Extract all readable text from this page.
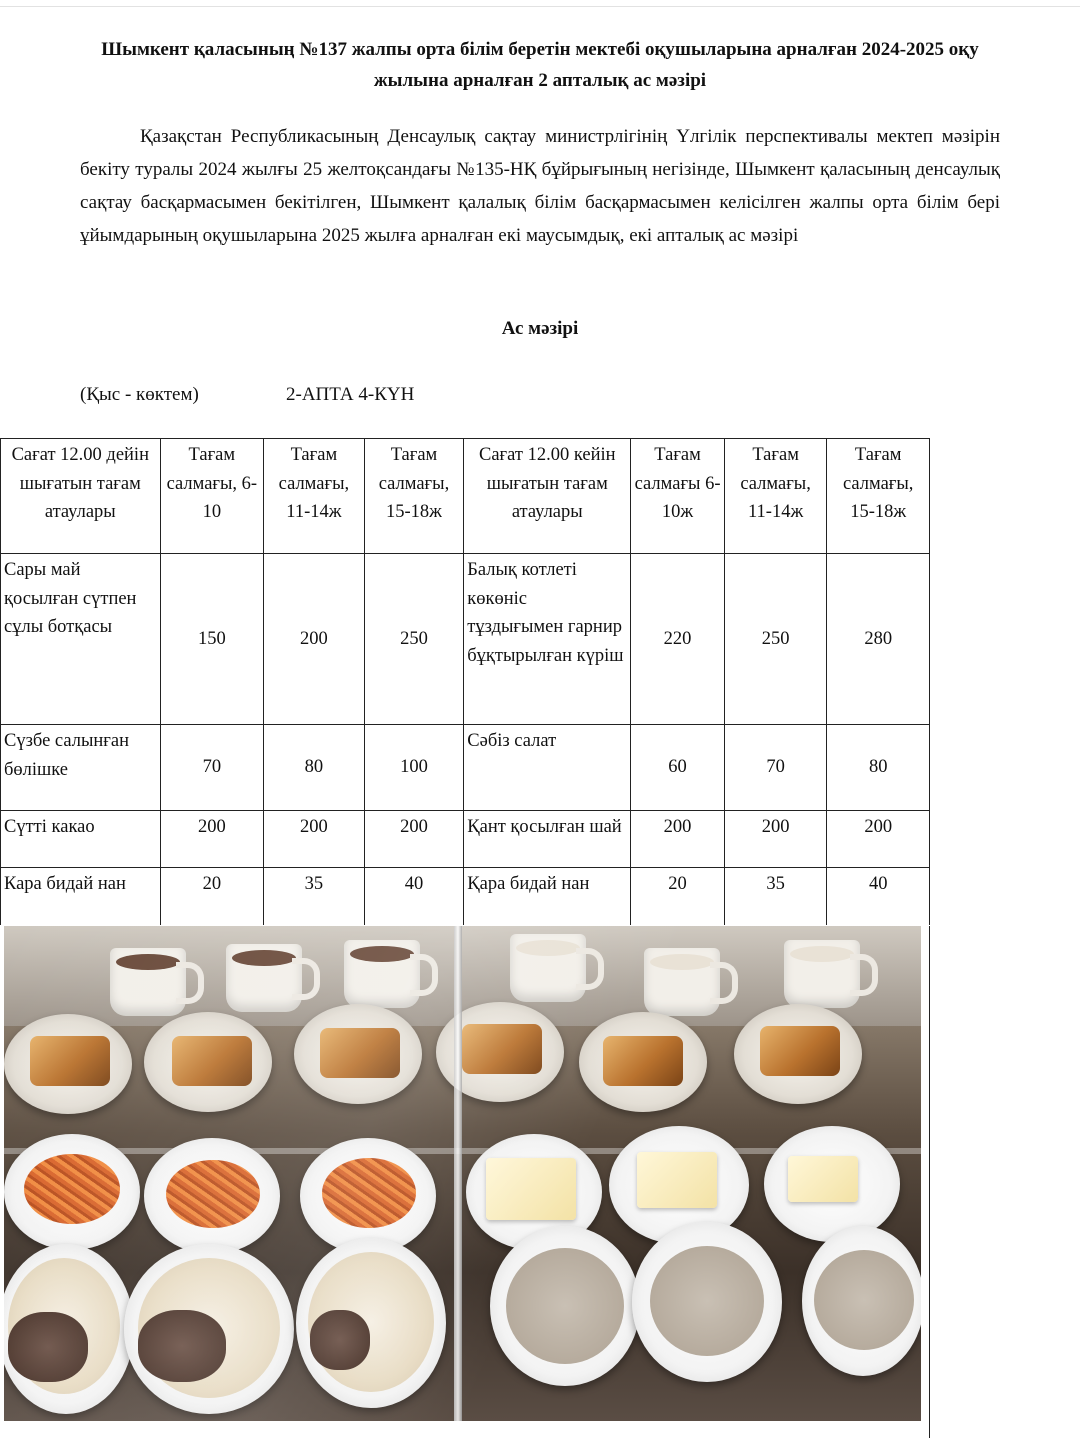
Шымкент қаласының №137 жалпы орта білім беретін мектебі оқушыларына арналған 2024-2025 оқу жылына арналған 2 апталық ас мәзірі
Қазақстан Республикасының Денсаулық сақтау министрлігінің Үлгілік перспективалы мектеп мәзірін бекіту туралы 2024 жылғы 25 желтоқсандағы №135-НҚ бұйрығының негізінде, Шымкент қаласының денсаулық сақтау басқармасымен бекітілген, Шымкент қалалық білім басқармасымен келісілген жалпы орта білім бері ұйымдарының оқушыларына 2025 жылға арналған екі маусымдық, екі апталық ас мәзірі
Ас мәзірі
(Қыс - көктем)	2-АПТА 4-КҮН
Сағат 12.00 дейін шығатын тағам атаулары	Тағам салмағы, 6-10	Тағам салмағы, 11-14ж	Тағам салмағы, 15-18ж	Сағат 12.00 кейін шығатын тағам атаулары	Тағам салмағы 6-10ж	Тағам салмағы, 11-14ж	Тағам салмағы, 15-18ж
Сары май қосылған сүтпен сұлы ботқасы	150	200	250	Балық котлеті көкөніс тұздығымен гарнир бұқтырылған күріш	220	250	280
Сүзбе салынған бөлішке	70	80	100	Сәбіз салат	60	70	80
Сүтті какао	200	200	200	Қант қосылған шай	200	200	200
Кара бидай нан	20	35	40	Қара бидай нан	20	35	40
